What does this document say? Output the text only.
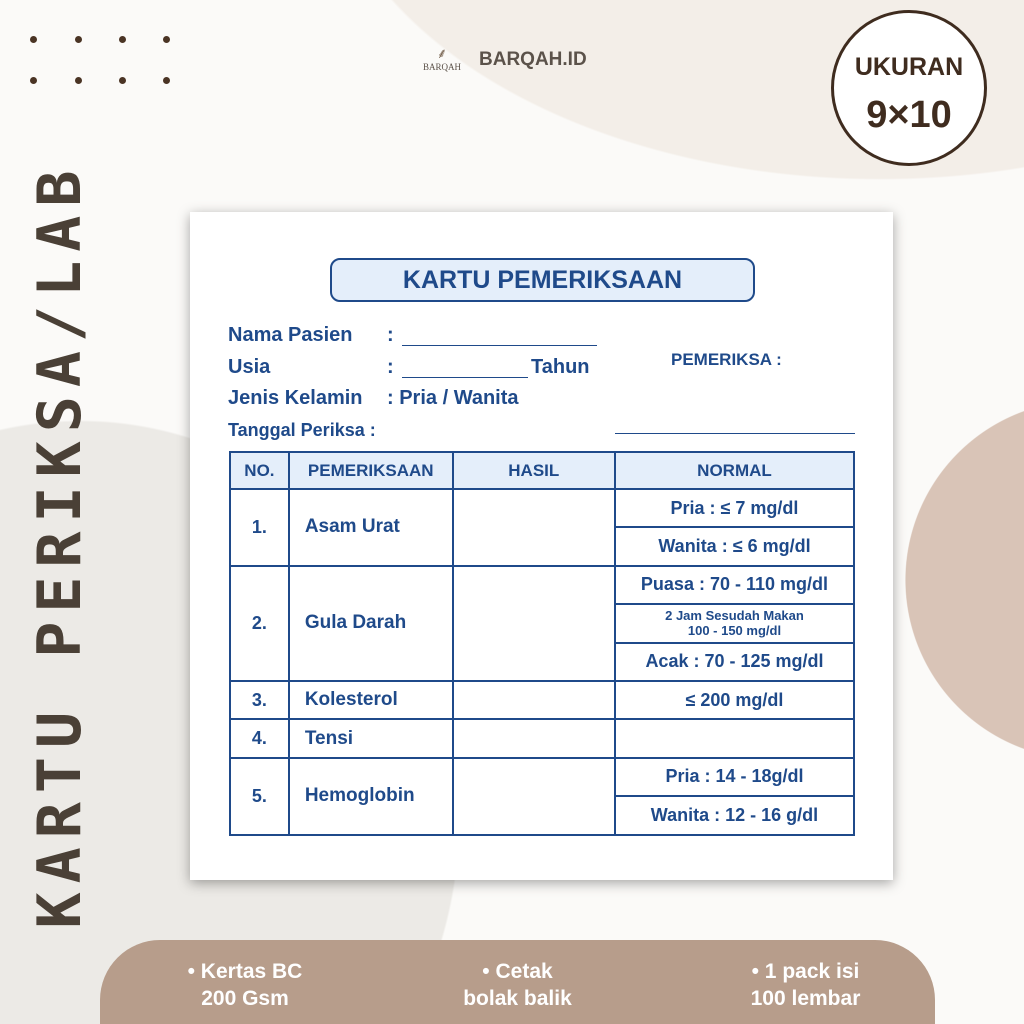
⸙
BARQAH BARQAH.ID	UKURAN
9×10
KARTU PERIKSA/LAB	KARTU PEMERIKSAAN
Nama Pasien :
Usia	:	Tahun
Jenis Kelamin : Pria / Wanita
Tanggal Periksa :
PEMERIKSA :
NO.	PEMERIKSAAN	HASIL	NORMAL
1.	Asam Urat		Pria : ≤ 7 mg/dl
			Wanita : ≤ 6 mg/dl
2.	Gula Darah		Puasa : 70 - 110 mg/dl
			2 Jam Sesudah Makan
100 - 150 mg/dl
			Acak : 70 - 125 mg/dl
3.	Kolesterol		≤ 200 mg/dl
4.	Tensi		
5.	Hemoglobin		Pria : 14 - 18g/dl
			Wanita : 12 - 16 g/dl
• Kertas BC
200 Gsm
• Cetak
bolak balik
• 1 pack isi
100 lembar
